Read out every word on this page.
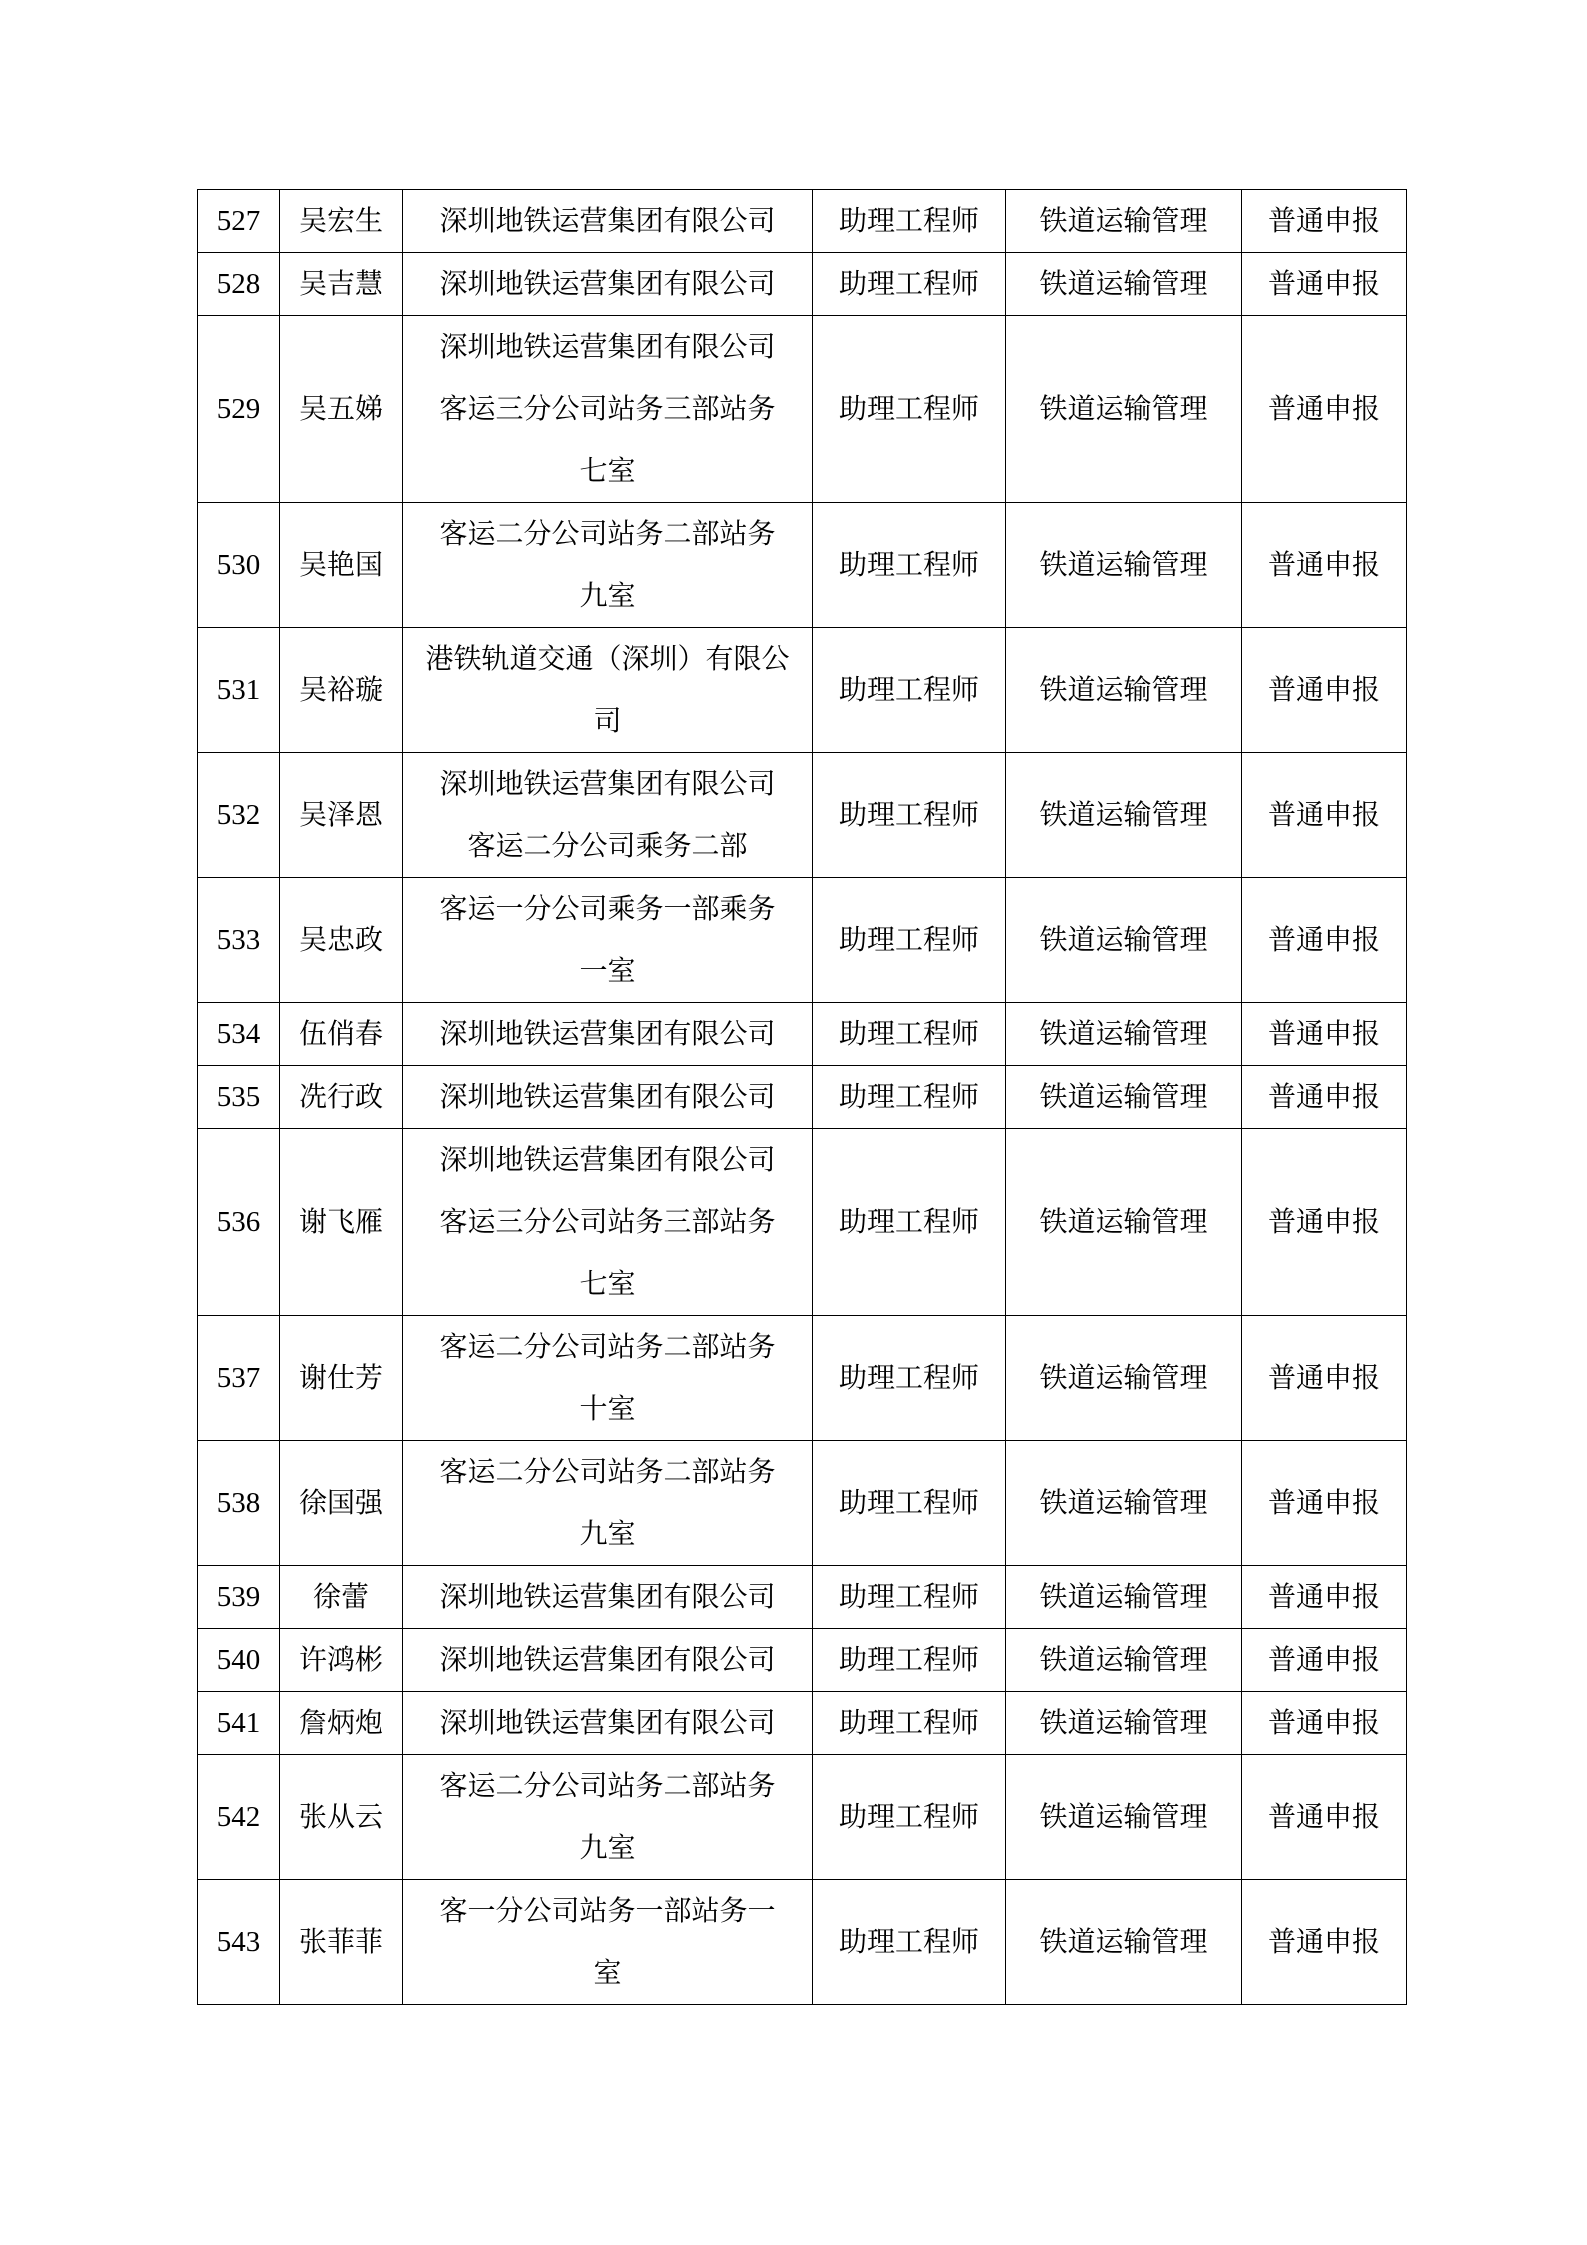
527	吴宏生	深圳地铁运营集团有限公司	助理工程师	铁道运输管理	普通申报
528	吴吉慧	深圳地铁运营集团有限公司	助理工程师	铁道运输管理	普通申报
529	吴五娣	深圳地铁运营集团有限公司
客运三分公司站务三部站务
七室	助理工程师	铁道运输管理	普通申报
530	吴艳国	客运二分公司站务二部站务
九室	助理工程师	铁道运输管理	普通申报
531	吴裕璇	港铁轨道交通（深圳）有限公
司	助理工程师	铁道运输管理	普通申报
532	吴泽恩	深圳地铁运营集团有限公司
客运二分公司乘务二部	助理工程师	铁道运输管理	普通申报
533	吴忠政	客运一分公司乘务一部乘务
一室	助理工程师	铁道运输管理	普通申报
534	伍俏春	深圳地铁运营集团有限公司	助理工程师	铁道运输管理	普通申报
535	冼行政	深圳地铁运营集团有限公司	助理工程师	铁道运输管理	普通申报
536	谢飞雁	深圳地铁运营集团有限公司
客运三分公司站务三部站务
七室	助理工程师	铁道运输管理	普通申报
537	谢仕芳	客运二分公司站务二部站务
十室	助理工程师	铁道运输管理	普通申报
538	徐国强	客运二分公司站务二部站务
九室	助理工程师	铁道运输管理	普通申报
539	徐蕾	深圳地铁运营集团有限公司	助理工程师	铁道运输管理	普通申报
540	许鸿彬	深圳地铁运营集团有限公司	助理工程师	铁道运输管理	普通申报
541	詹炳炮	深圳地铁运营集团有限公司	助理工程师	铁道运输管理	普通申报
542	张从云	客运二分公司站务二部站务
九室	助理工程师	铁道运输管理	普通申报
543	张菲菲	客一分公司站务一部站务一
室	助理工程师	铁道运输管理	普通申报
